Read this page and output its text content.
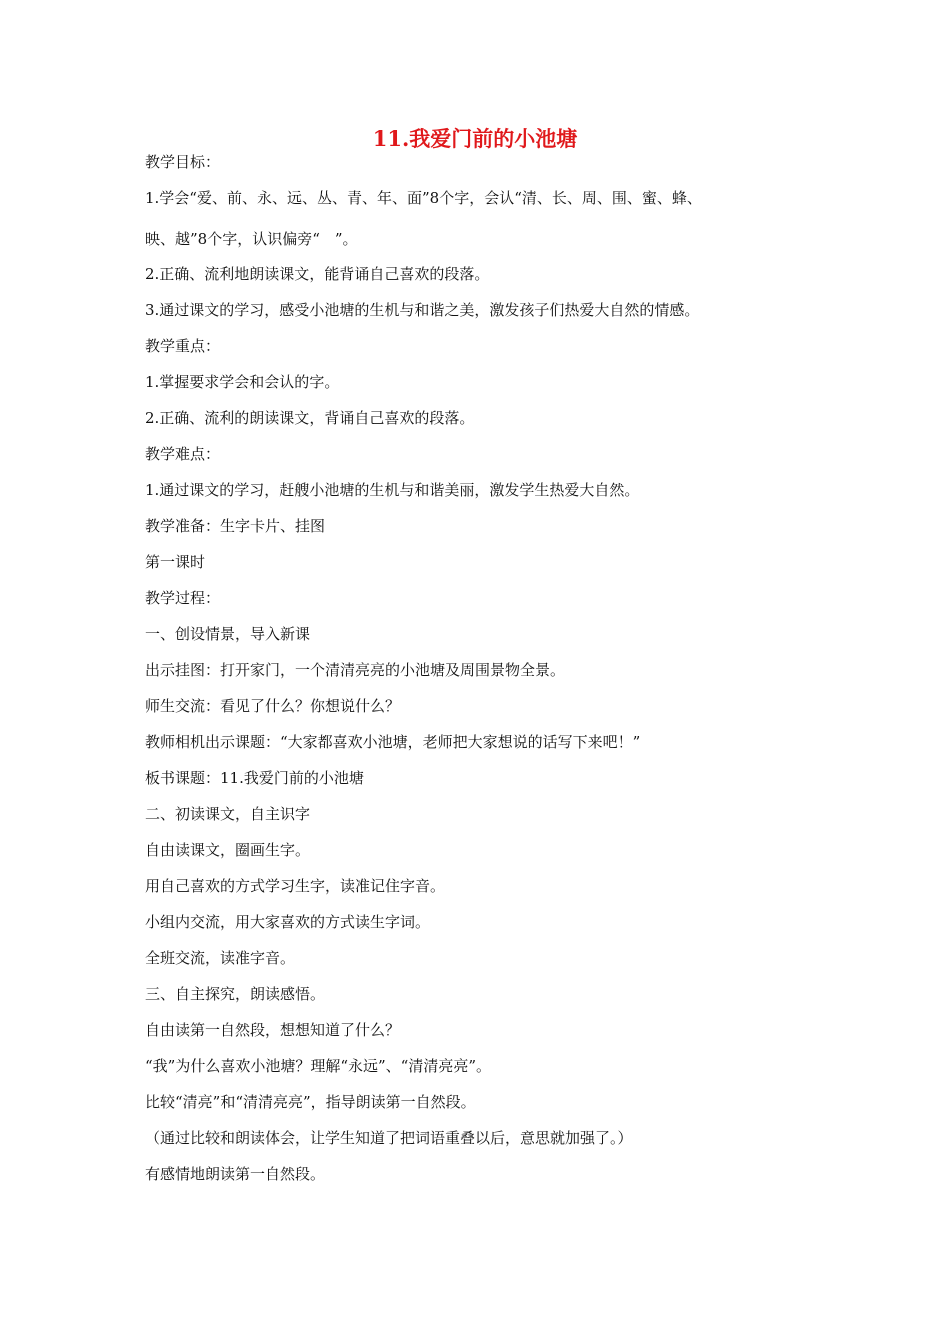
11.我爱门前的小池塘
教学目标：
1.学会“爱、前、永、远、丛、青、年、面”8个字，会认“清、长、周、围、蜜、蜂、
映、越”8个字，认识偏旁“　”。
2.正确、流利地朗读课文，能背诵自己喜欢的段落。
3.通过课文的学习，感受小池塘的生机与和谐之美，激发孩子们热爱大自然的情感。
教学重点：
1.掌握要求学会和会认的字。
2.正确、流利的朗读课文，背诵自己喜欢的段落。
教学难点：
1.通过课文的学习，赶艘小池塘的生机与和谐美丽，激发学生热爱大自然。
教学准备：生字卡片、挂图
第一课时
教学过程：
一、创设情景，导入新课
出示挂图：打开家门，一个清清亮亮的小池塘及周围景物全景。
师生交流：看见了什么？你想说什么？
教师相机出示课题：“大家都喜欢小池塘，老师把大家想说的话写下来吧！”
板书课题：11.我爱门前的小池塘
二、初读课文，自主识字
自由读课文，圈画生字。
用自己喜欢的方式学习生字，读准记住字音。
小组内交流，用大家喜欢的方式读生字词。
全班交流，读准字音。
三、自主探究，朗读感悟。
自由读第一自然段，想想知道了什么？
“我”为什么喜欢小池塘？理解“永远”、“清清亮亮”。
比较“清亮”和“清清亮亮”，指导朗读第一自然段。
（通过比较和朗读体会，让学生知道了把词语重叠以后，意思就加强了。）
有感情地朗读第一自然段。
